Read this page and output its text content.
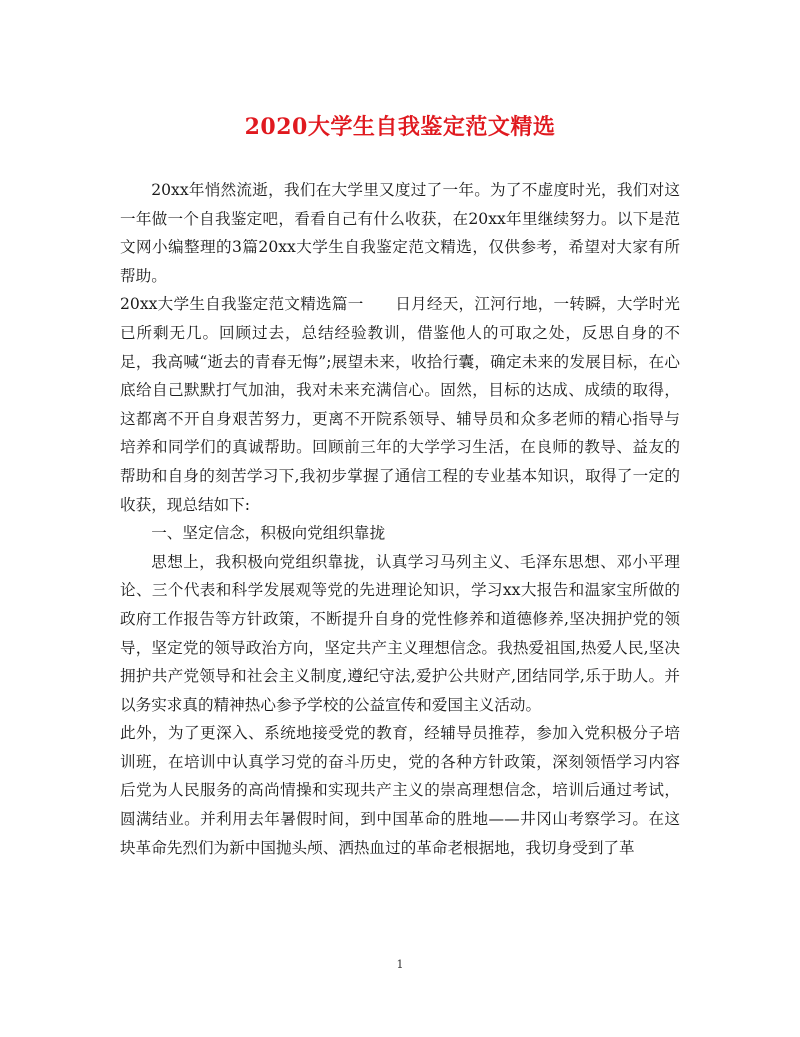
2020大学生自我鉴定范文精选

20xx年悄然流逝，我们在大学里又度过了一年。为了不虚度时光，我们对这一年做一个自我鉴定吧，看看自己有什么收获，在20xx年里继续努力。以下是范文网小编整理的3篇20xx大学生自我鉴定范文精选，仅供参考，希望对大家有所帮助。

20xx大学生自我鉴定范文精选篇一　　日月经天，江河行地，一转瞬，大学时光已所剩无几。回顾过去，总结经验教训，借鉴他人的可取之处，反思自身的不足，我高喊“逝去的青春无悔”;展望未来，收拾行囊，确定未来的发展目标，在心底给自己默默打气加油，我对未来充满信心。固然，目标的达成、成绩的取得，这都离不开自身艰苦努力，更离不开院系领导、辅导员和众多老师的精心指导与培养和同学们的真诚帮助。回顾前三年的大学学习生活，在良师的教导、益友的帮助和自身的刻苦学习下,我初步掌握了通信工程的专业基本知识，取得了一定的收获，现总结如下:

一、坚定信念，积极向党组织靠拢

思想上，我积极向党组织靠拢，认真学习马列主义、毛泽东思想、邓小平理论、三个代表和科学发展观等党的先进理论知识，学习xx大报告和温家宝所做的政府工作报告等方针政策，不断提升自身的党性修养和道德修养,坚决拥护党的领导，坚定党的领导政治方向，坚定共产主义理想信念。我热爱祖国,热爱人民,坚决拥护共产党领导和社会主义制度,遵纪守法,爱护公共财产,团结同学,乐于助人。并以务实求真的精神热心参予学校的公益宣传和爱国主义活动。

此外，为了更深入、系统地接受党的教育，经辅导员推荐，参加入党积极分子培训班，在培训中认真学习党的奋斗历史，党的各种方针政策，深刻领悟学习内容后党为人民服务的高尚情操和实现共产主义的崇高理想信念，培训后通过考试，圆满结业。并利用去年暑假时间，到中国革命的胜地——井冈山考察学习。在这块革命先烈们为新中国抛头颅、洒热血过的革命老根据地，我切身受到了革

1
